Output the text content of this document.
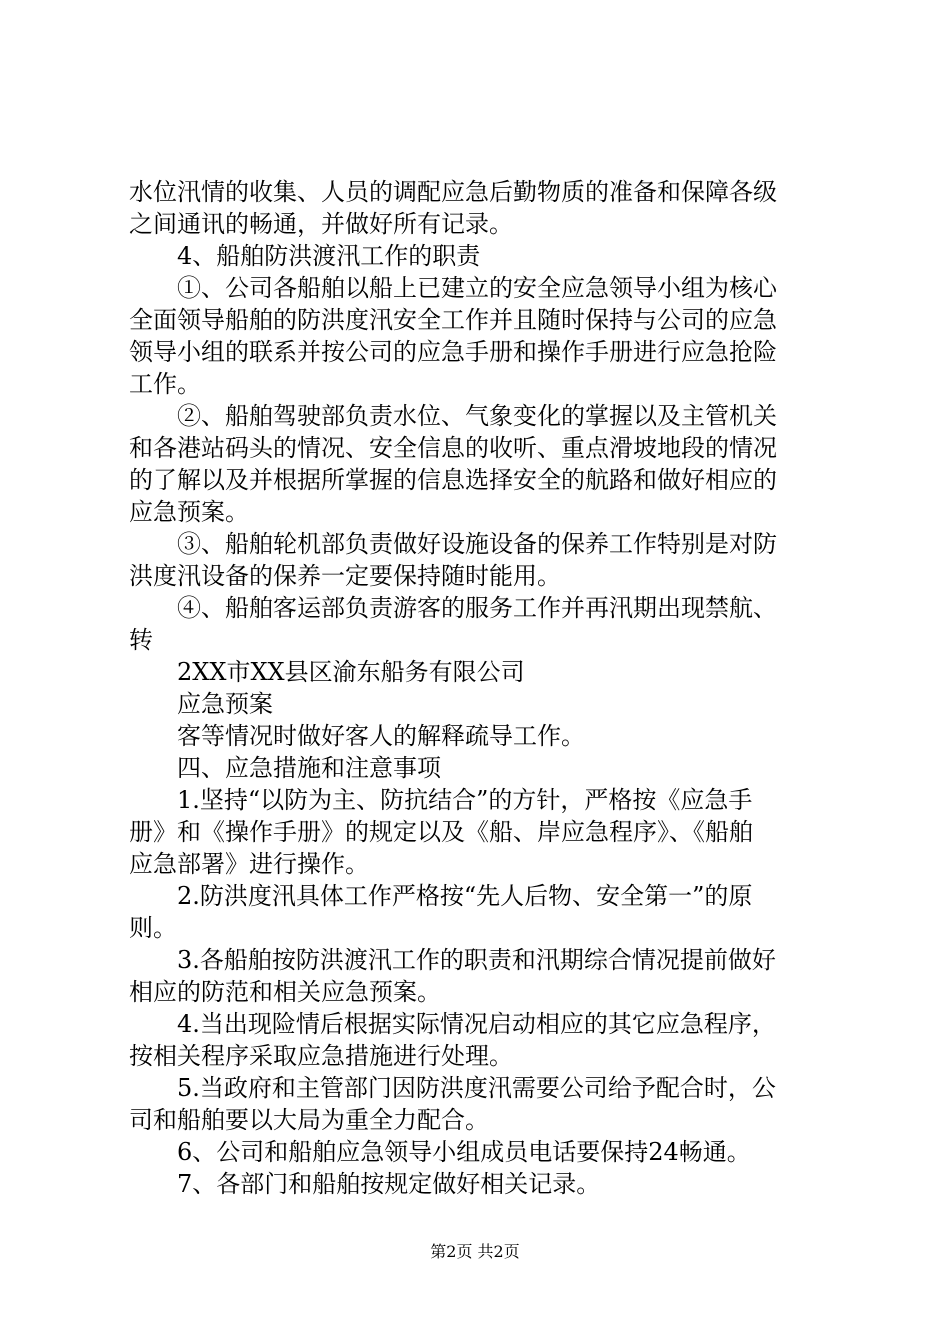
水位汛情的收集、人员的调配应急后勤物质的准备和保障各级
之间通讯的畅通，并做好所有记录。
4、船舶防洪渡汛工作的职责
①、公司各船舶以船上已建立的安全应急领导小组为核心
全面领导船舶的防洪度汛安全工作并且随时保持与公司的应急
领导小组的联系并按公司的应急手册和操作手册进行应急抢险
工作。
②、船舶驾驶部负责水位、气象变化的掌握以及主管机关
和各港站码头的情况、安全信息的收听、重点滑坡地段的情况
的了解以及并根据所掌握的信息选择安全的航路和做好相应的
应急预案。
③、船舶轮机部负责做好设施设备的保养工作特别是对防
洪度汛设备的保养一定要保持随时能用。
④、船舶客运部负责游客的服务工作并再汛期出现禁航、
转
2XX市XX县区渝东船务有限公司
应急预案
客等情况时做好客人的解释疏导工作。
四、应急措施和注意事项
1.坚持“以防为主、防抗结合”的方针，严格按《应急手
册》和《操作手册》的规定以及《船、岸应急程序》、《船舶
应急部署》进行操作。
2.防洪度汛具体工作严格按“先人后物、安全第一”的原
则。
3.各船舶按防洪渡汛工作的职责和汛期综合情况提前做好
相应的防范和相关应急预案。
4.当出现险情后根据实际情况启动相应的其它应急程序，
按相关程序采取应急措施进行处理。
5.当政府和主管部门因防洪度汛需要公司给予配合时，公
司和船舶要以大局为重全力配合。
6、公司和船舶应急领导小组成员电话要保持24畅通。
7、各部门和船舶按规定做好相关记录。
第2页 共2页
